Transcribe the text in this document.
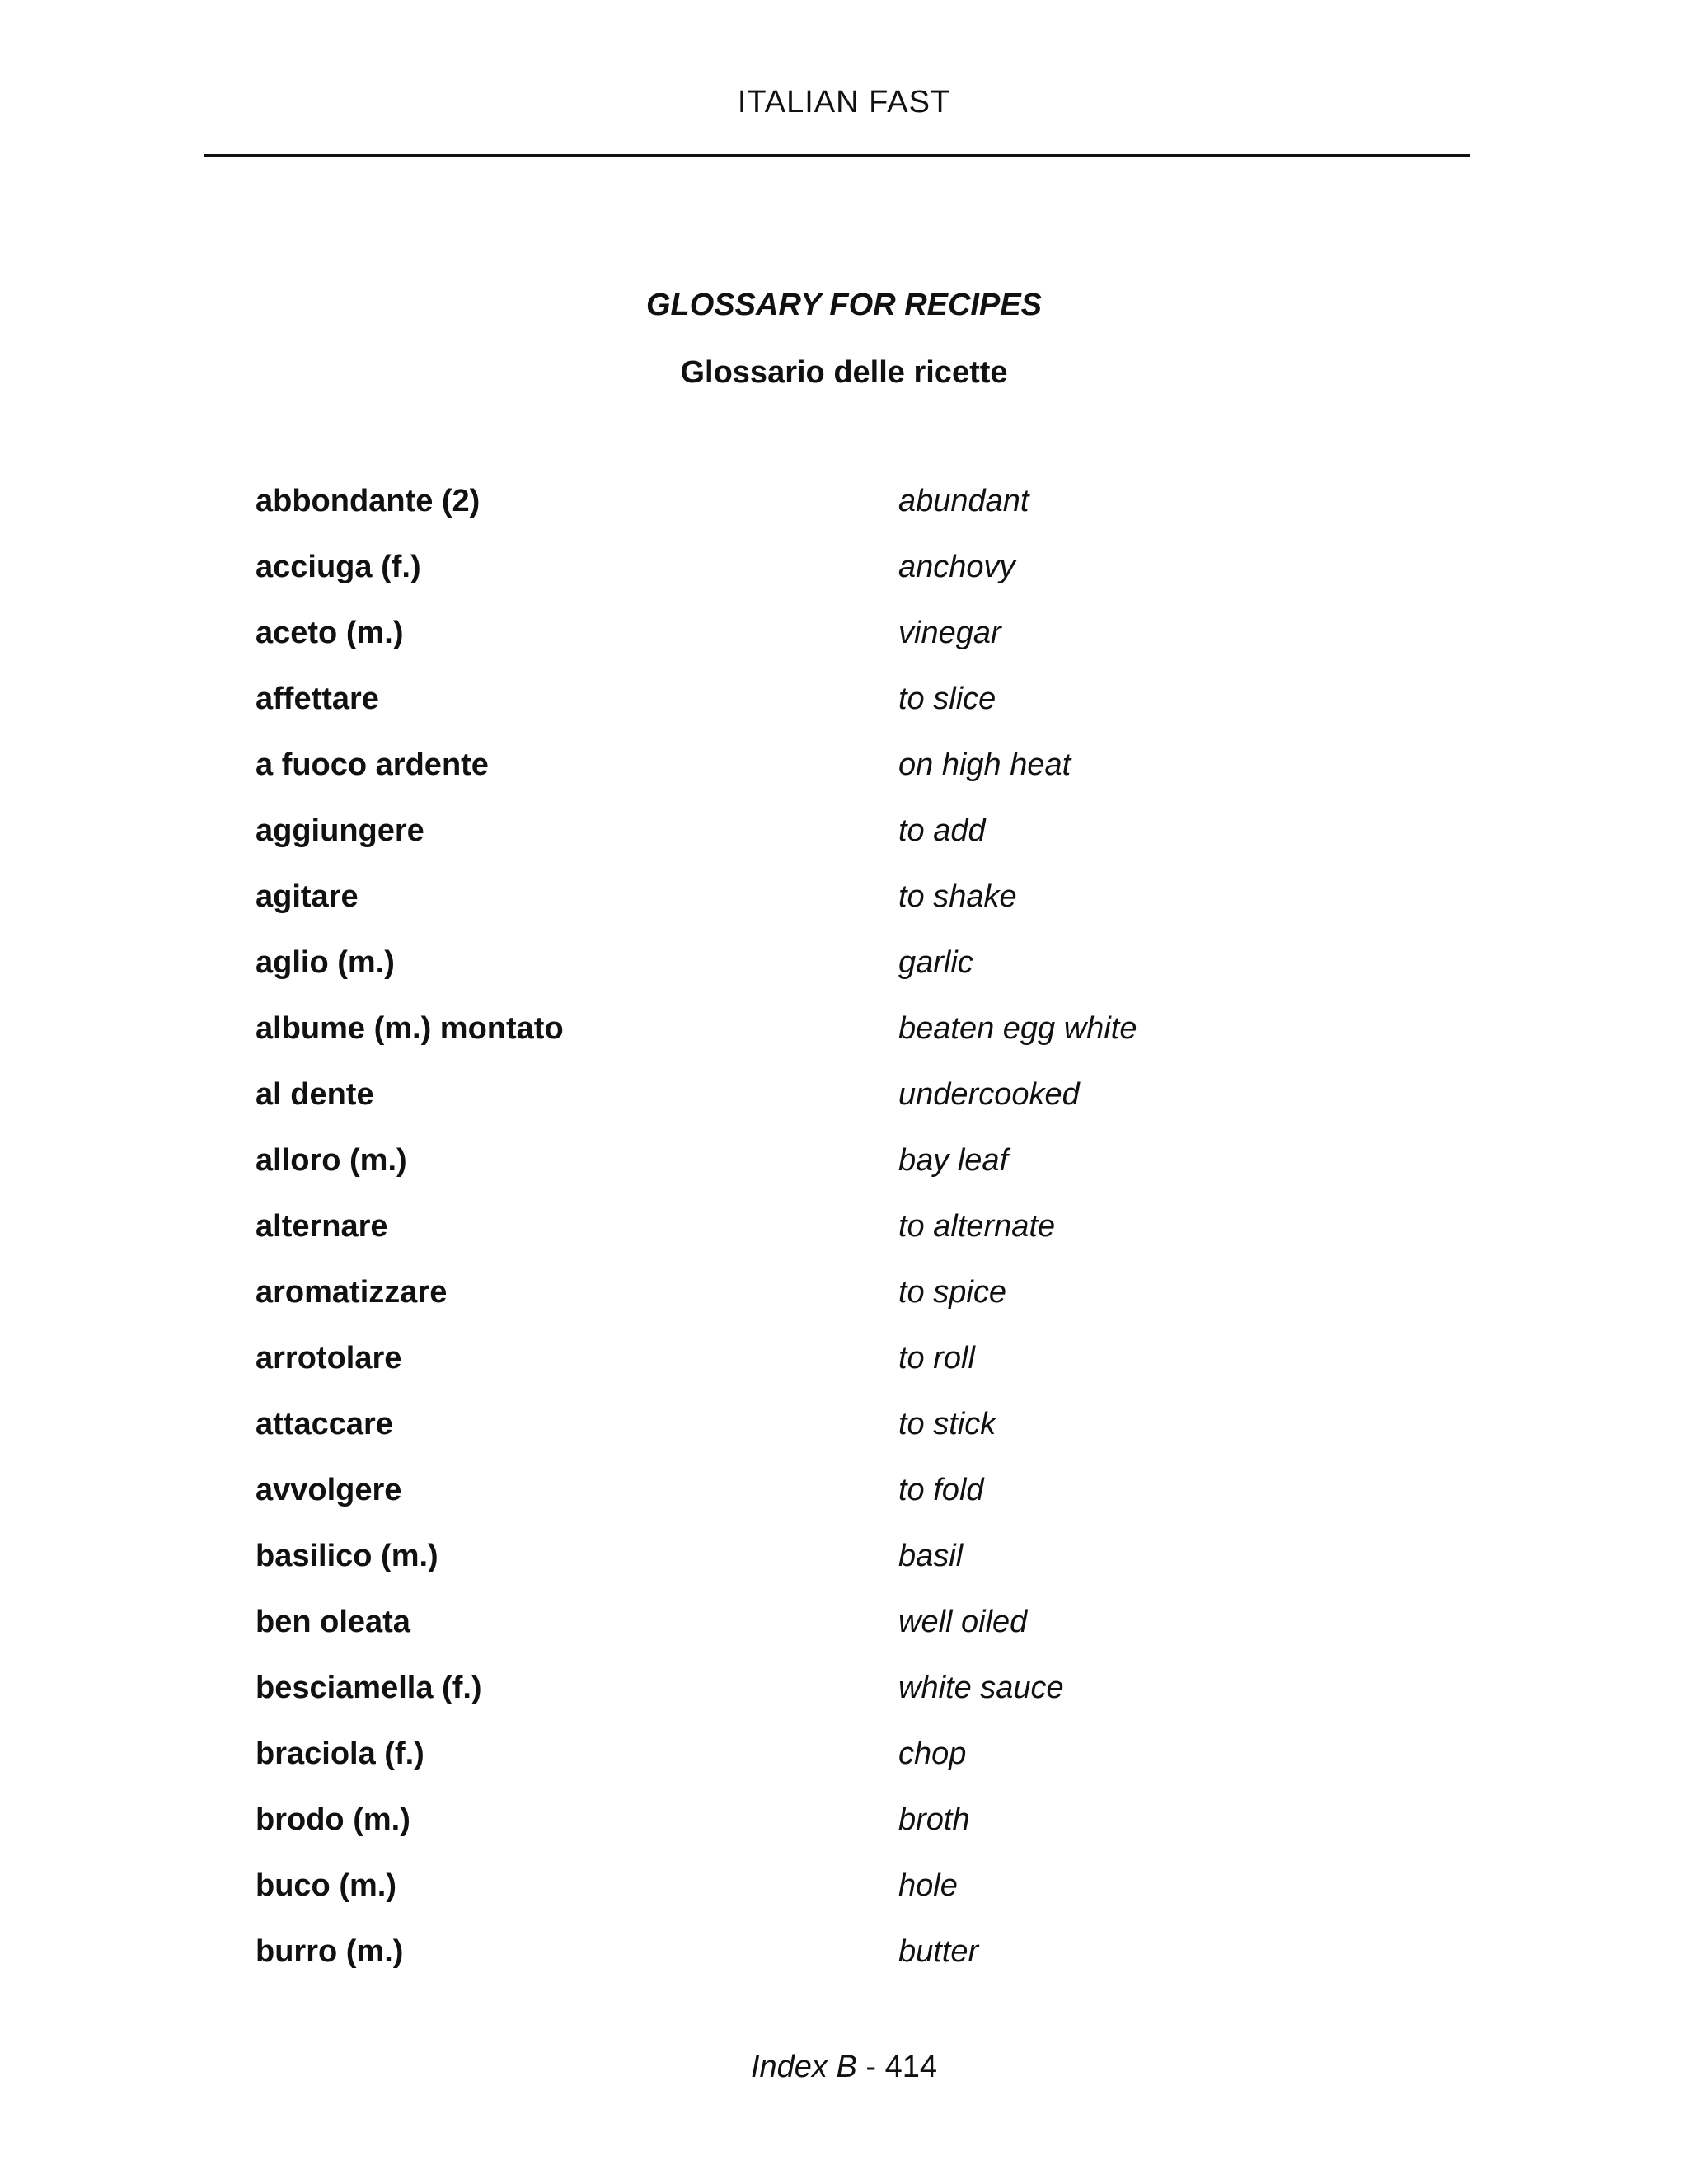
ITALIAN FAST
GLOSSARY FOR RECIPES
Glossario delle ricette
abbondante (2)	abundant
acciuga (f.)	anchovy
aceto (m.)	vinegar
affettare	to slice
a fuoco ardente	on high heat
aggiungere	to add
agitare	to shake
aglio (m.)	garlic
albume (m.) montato	beaten egg white
al dente	undercooked
alloro (m.)	bay leaf
alternare	to alternate
aromatizzare	to spice
arrotolare	to roll
attaccare	to stick
avvolgere	to fold
basilico (m.)	basil
ben oleata	well oiled
besciamella (f.)	white sauce
braciola (f.)	chop
brodo (m.)	broth
buco (m.)	hole
burro (m.)	butter
Index B - 414
